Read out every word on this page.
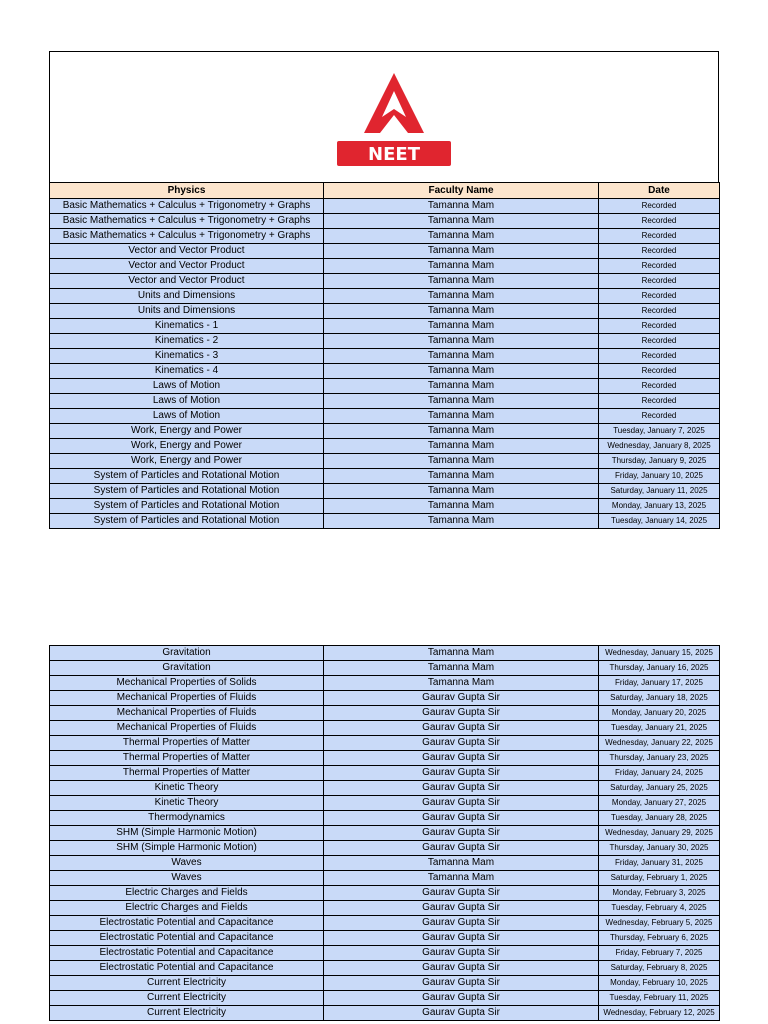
NEET
Physics	Faculty Name	Date
Basic Mathematics + Calculus + Trigonometry + Graphs	Tamanna Mam	Recorded
Basic Mathematics + Calculus + Trigonometry + Graphs	Tamanna Mam	Recorded
Basic Mathematics + Calculus + Trigonometry + Graphs	Tamanna Mam	Recorded
Vector and Vector Product	Tamanna Mam	Recorded
Vector and Vector Product	Tamanna Mam	Recorded
Vector and Vector Product	Tamanna Mam	Recorded
Units and Dimensions	Tamanna Mam	Recorded
Units and Dimensions	Tamanna Mam	Recorded
Kinematics - 1	Tamanna Mam	Recorded
Kinematics - 2	Tamanna Mam	Recorded
Kinematics - 3	Tamanna Mam	Recorded
Kinematics - 4	Tamanna Mam	Recorded
Laws of Motion	Tamanna Mam	Recorded
Laws of Motion	Tamanna Mam	Recorded
Laws of Motion	Tamanna Mam	Recorded
Work, Energy and Power	Tamanna Mam	Tuesday, January 7, 2025
Work, Energy and Power	Tamanna Mam	Wednesday, January 8, 2025
Work, Energy and Power	Tamanna Mam	Thursday, January 9, 2025
System of Particles and Rotational Motion	Tamanna Mam	Friday, January 10, 2025
System of Particles and Rotational Motion	Tamanna Mam	Saturday, January 11, 2025
System of Particles and Rotational Motion	Tamanna Mam	Monday, January 13, 2025
System of Particles and Rotational Motion	Tamanna Mam	Tuesday, January 14, 2025
Gravitation	Tamanna Mam	Wednesday, January 15, 2025
Gravitation	Tamanna Mam	Thursday, January 16, 2025
Mechanical Properties of Solids	Tamanna Mam	Friday, January 17, 2025
Mechanical Properties of Fluids	Gaurav Gupta Sir	Saturday, January 18, 2025
Mechanical Properties of Fluids	Gaurav Gupta Sir	Monday, January 20, 2025
Mechanical Properties of Fluids	Gaurav Gupta Sir	Tuesday, January 21, 2025
Thermal Properties of Matter	Gaurav Gupta Sir	Wednesday, January 22, 2025
Thermal Properties of Matter	Gaurav Gupta Sir	Thursday, January 23, 2025
Thermal Properties of Matter	Gaurav Gupta Sir	Friday, January 24, 2025
Kinetic Theory	Gaurav Gupta Sir	Saturday, January 25, 2025
Kinetic Theory	Gaurav Gupta Sir	Monday, January 27, 2025
Thermodynamics	Gaurav Gupta Sir	Tuesday, January 28, 2025
SHM (Simple Harmonic Motion)	Gaurav Gupta Sir	Wednesday, January 29, 2025
SHM (Simple Harmonic Motion)	Gaurav Gupta Sir	Thursday, January 30, 2025
Waves	Tamanna Mam	Friday, January 31, 2025
Waves	Tamanna Mam	Saturday, February 1, 2025
Electric Charges and Fields	Gaurav Gupta Sir	Monday, February 3, 2025
Electric Charges and Fields	Gaurav Gupta Sir	Tuesday, February 4, 2025
Electrostatic Potential and Capacitance	Gaurav Gupta Sir	Wednesday, February 5, 2025
Electrostatic Potential and Capacitance	Gaurav Gupta Sir	Thursday, February 6, 2025
Electrostatic Potential and Capacitance	Gaurav Gupta Sir	Friday, February 7, 2025
Electrostatic Potential and Capacitance	Gaurav Gupta Sir	Saturday, February 8, 2025
Current Electricity	Gaurav Gupta Sir	Monday, February 10, 2025
Current Electricity	Gaurav Gupta Sir	Tuesday, February 11, 2025
Current Electricity	Gaurav Gupta Sir	Wednesday, February 12, 2025
